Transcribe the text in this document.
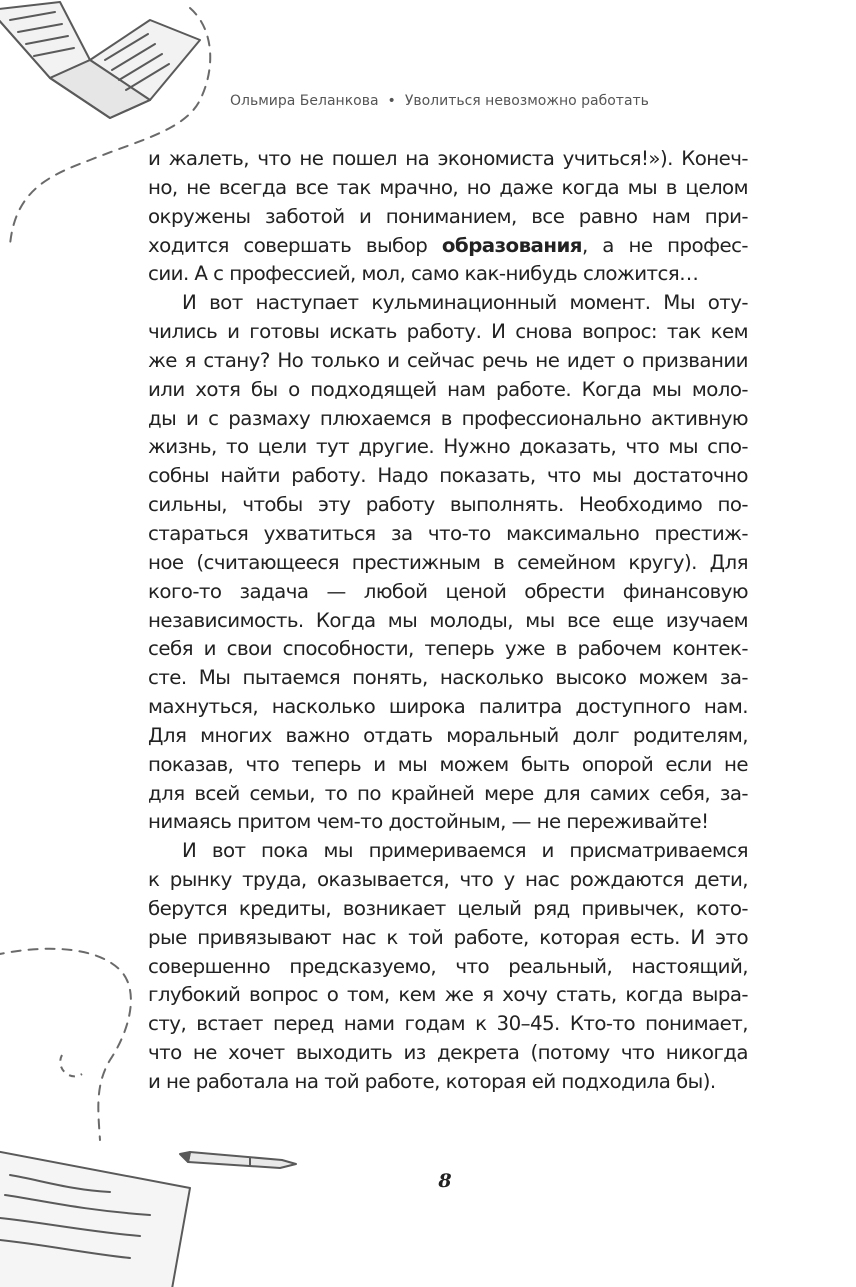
Ольмира Беланкова • Уволиться невозможно работать

и жалеть, что не пошел на экономиста учиться!»). Конеч-

но, не всегда все так мрачно, но даже когда мы в целом

окружены заботой и пониманием, все равно нам при-

ходится совершать выбор образования, а не профес-

сии. А с профессией, мол, само как-нибудь сложится…

И вот наступает кульминационный момент. Мы оту-

чились и готовы искать работу. И снова вопрос: так кем

же я стану? Но только и сейчас речь не идет о призвании

или хотя бы о подходящей нам работе. Когда мы моло-

ды и с размаху плюхаемся в профессионально активную

жизнь, то цели тут другие. Нужно доказать, что мы спо-

собны найти работу. Надо показать, что мы достаточно

сильны, чтобы эту работу выполнять. Необходимо по-

стараться ухватиться за что-то максимально престиж-

ное (считающееся престижным в семейном кругу). Для

кого-то задача — любой ценой обрести финансовую

независимость. Когда мы молоды, мы все еще изучаем

себя и свои способности, теперь уже в рабочем контек-

сте. Мы пытаемся понять, насколько высоко можем за-

махнуться, насколько широка палитра доступного нам.

Для многих важно отдать моральный долг родителям,

показав, что теперь и мы можем быть опорой если не

для всей семьи, то по крайней мере для самих себя, за-

нимаясь притом чем-то достойным, — не переживайте!

И вот пока мы примериваемся и присматриваемся

к рынку труда, оказывается, что у нас рождаются дети,

берутся кредиты, возникает целый ряд привычек, кото-

рые привязывают нас к той работе, которая есть. И это

совершенно предсказуемо, что реальный, настоящий,

глубокий вопрос о том, кем же я хочу стать, когда выра-

сту, встает перед нами годам к 30–45. Кто-то понимает,

что не хочет выходить из декрета (потому что никогда

и не работала на той работе, которая ей подходила бы).

8
